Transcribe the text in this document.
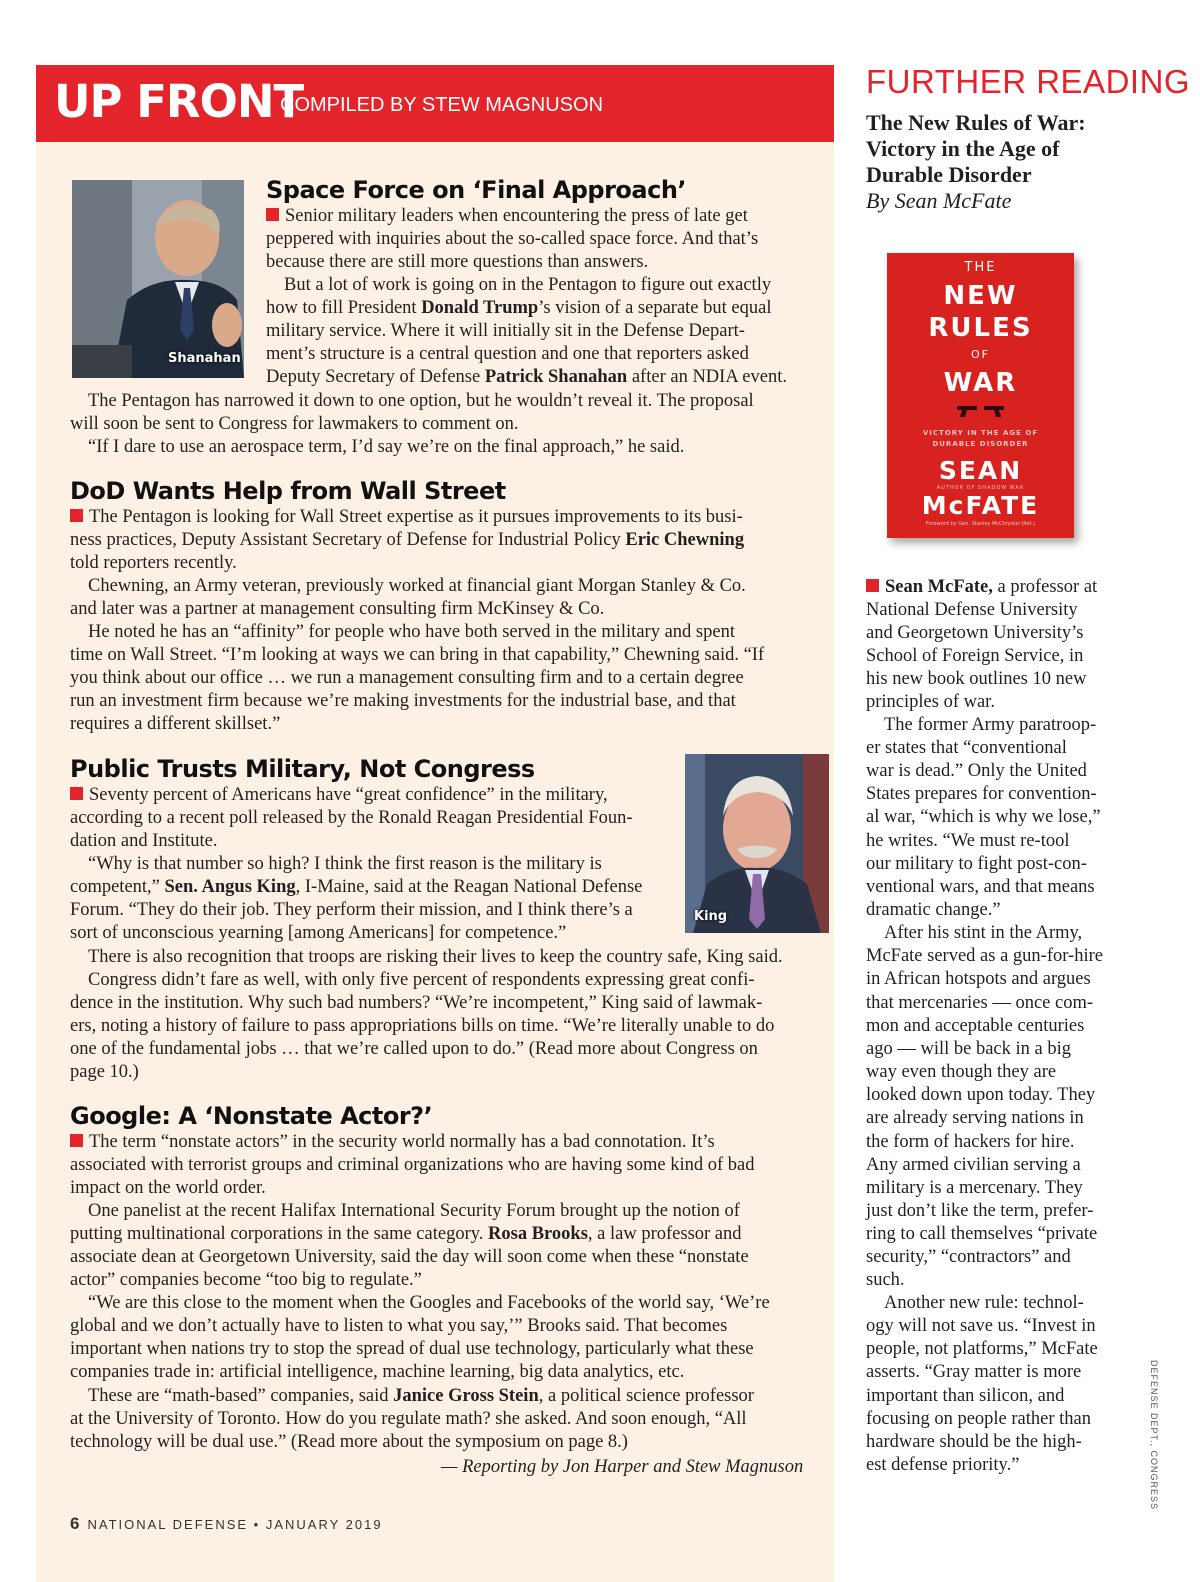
UP FRONT
COMPILED BY STEW MAGNUSON
Shanahan
Space Force on ‘Final Approach’
Senior military leaders when encountering the press of late get
peppered with inquiries about the so-called space force. And that’s
because there are still more questions than answers.
But a lot of work is going on in the Pentagon to figure out exactly
how to fill President Donald Trump’s vision of a separate but equal
military service. Where it will initially sit in the Defense Depart-
ment’s structure is a central question and one that reporters asked
Deputy Secretary of Defense Patrick Shanahan after an NDIA event.
The Pentagon has narrowed it down to one option, but he wouldn’t reveal it. The proposal
will soon be sent to Congress for lawmakers to comment on.
“If I dare to use an aerospace term, I’d say we’re on the final approach,” he said.
DoD Wants Help from Wall Street
The Pentagon is looking for Wall Street expertise as it pursues improvements to its busi-
ness practices, Deputy Assistant Secretary of Defense for Industrial Policy Eric Chewning
told reporters recently.
Chewning, an Army veteran, previously worked at financial giant Morgan Stanley & Co.
and later was a partner at management consulting firm McKinsey & Co.
He noted he has an “affinity” for people who have both served in the military and spent
time on Wall Street. “I’m looking at ways we can bring in that capability,” Chewning said. “If
you think about our office … we run a management consulting firm and to a certain degree
run an investment firm because we’re making investments for the industrial base, and that
requires a different skillset.”
King
Public Trusts Military, Not Congress
Seventy percent of Americans have “great confidence” in the military,
according to a recent poll released by the Ronald Reagan Presidential Foun-
dation and Institute.
“Why is that number so high? I think the first reason is the military is
competent,” Sen. Angus King, I-Maine, said at the Reagan National Defense
Forum. “They do their job. They perform their mission, and I think there’s a
sort of unconscious yearning [among Americans] for competence.”
There is also recognition that troops are risking their lives to keep the country safe, King said.
Congress didn’t fare as well, with only five percent of respondents expressing great confi-
dence in the institution. Why such bad numbers? “We’re incompetent,” King said of lawmak-
ers, noting a history of failure to pass appropriations bills on time. “We’re literally unable to do
one of the fundamental jobs … that we’re called upon to do.” (Read more about Congress on
page 10.)
Google: A ‘Nonstate Actor?’
The term “nonstate actors” in the security world normally has a bad connotation. It’s
associated with terrorist groups and criminal organizations who are having some kind of bad
impact on the world order.
One panelist at the recent Halifax International Security Forum brought up the notion of
putting multinational corporations in the same category. Rosa Brooks, a law professor and
associate dean at Georgetown University, said the day will soon come when these “nonstate
actor” companies become “too big to regulate.”
“We are this close to the moment when the Googles and Facebooks of the world say, ‘We’re
global and we don’t actually have to listen to what you say,’” Brooks said. That becomes
important when nations try to stop the spread of dual use technology, particularly what these
companies trade in: artificial intelligence, machine learning, big data analytics, etc.
These are “math-based” companies, said Janice Gross Stein, a political science professor
at the University of Toronto. How do you regulate math? she asked. And soon enough, “All
technology will be dual use.” (Read more about the symposium on page 8.)
— Reporting by Jon Harper and Stew Magnuson
6 NATIONAL DEFENSE • JANUARY 2019
FURTHER READING
The New Rules of War:
Victory in the Age of
Durable Disorder
By Sean McFate
THE
NEW
RULES
OF
WAR
VICTORY IN THE AGE OF
DURABLE DISORDER
SEAN
AUTHOR OF SHADOW WAR
McFATE
Foreword by Gen. Stanley McChrystal (Ret.)
Sean McFate, a professor at
National Defense University
and Georgetown University’s
School of Foreign Service, in
his new book outlines 10 new
principles of war.
The former Army paratroop-
er states that “conventional
war is dead.” Only the United
States prepares for convention-
al war, “which is why we lose,”
he writes. “We must re-tool
our military to fight post-con-
ventional wars, and that means
dramatic change.”
After his stint in the Army,
McFate served as a gun-for-hire
in African hotspots and argues
that mercenaries — once com-
mon and acceptable centuries
ago — will be back in a big
way even though they are
looked down upon today. They
are already serving nations in
the form of hackers for hire.
Any armed civilian serving a
military is a mercenary. They
just don’t like the term, prefer-
ring to call themselves “private
security,” “contractors” and
such.
Another new rule: technol-
ogy will not save us. “Invest in
people, not platforms,” McFate
asserts. “Gray matter is more
important than silicon, and
focusing on people rather than
hardware should be the high-
est defense priority.”	DEFENSE DEPT., CONGRESS
